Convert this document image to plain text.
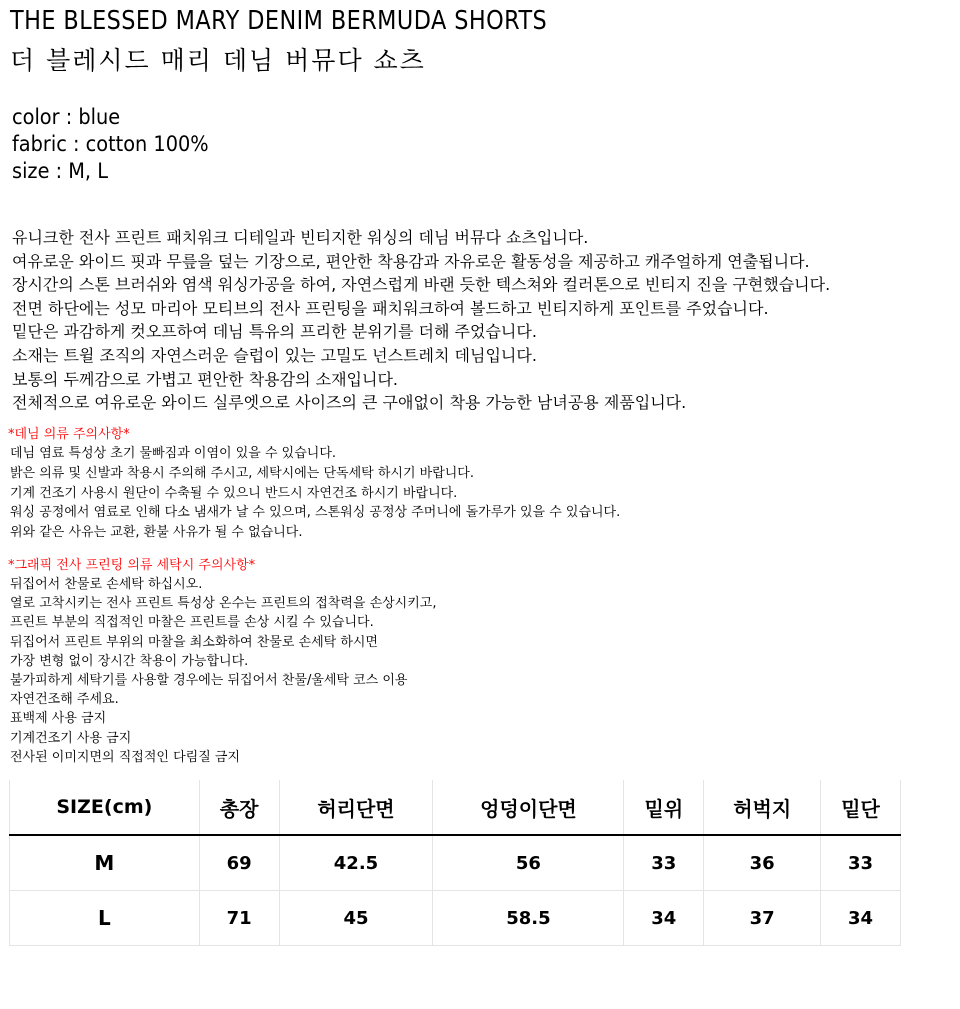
THE BLESSED MARY DENIM BERMUDA SHORTS
더 블레시드 매리 데님 버뮤다 쇼츠
color : blue
fabric : cotton 100%
size : M, L
유니크한 전사 프린트 패치워크 디테일과 빈티지한 워싱의 데님 버뮤다 쇼츠입니다.
여유로운 와이드 핏과 무릎을 덮는 기장으로, 편안한 착용감과 자유로운 활동성을 제공하고 캐주얼하게 연출됩니다.
장시간의 스톤 브러쉬와 염색 워싱가공을 하여, 자연스럽게 바랜 듯한 텍스쳐와 컬러톤으로 빈티지 진을 구현했습니다.
전면 하단에는 성모 마리아 모티브의 전사 프린팅을 패치워크하여 볼드하고 빈티지하게 포인트를 주었습니다.
밑단은 과감하게 컷오프하여 데님 특유의 프리한 분위기를 더해 주었습니다.
소재는 트윌 조직의 자연스러운 슬럽이 있는 고밀도 넌스트레치 데님입니다.
보통의 두께감으로 가볍고 편안한 착용감의 소재입니다.
전체적으로 여유로운 와이드 실루엣으로 사이즈의 큰 구애없이 착용 가능한 남녀공용 제품입니다.
*데님 의류 주의사항*
데님 염료 특성상 초기 물빠짐과 이염이 있을 수 있습니다.
밝은 의류 및 신발과 착용시 주의해 주시고, 세탁시에는 단독세탁 하시기 바랍니다.
기계 건조기 사용시 원단이 수축될 수 있으니 반드시 자연건조 하시기 바랍니다.
워싱 공정에서 염료로 인해 다소 냄새가 날 수 있으며, 스톤워싱 공정상 주머니에 돌가루가 있을 수 있습니다.
위와 같은 사유는 교환, 환불 사유가 될 수 없습니다.
*그래픽 전사 프린팅 의류 세탁시 주의사항*
뒤집어서 찬물로 손세탁 하십시오.
열로 고착시키는 전사 프린트 특성상 온수는 프린트의 접착력을 손상시키고,
프린트 부분의 직접적인 마찰은 프린트를 손상 시킬 수 있습니다.
뒤집어서 프린트 부위의 마찰을 최소화하여 찬물로 손세탁 하시면
가장 변형 없이 장시간 착용이 가능합니다.
불가피하게 세탁기를 사용할 경우에는 뒤집어서 찬물/울세탁 코스 이용
자연건조해 주세요.
표백제 사용 금지
기계건조기 사용 금지
전사된 이미지면의 직접적인 다림질 금지
SIZE(cm)	총장	허리단면	엉덩이단면	밑위	허벅지	밑단
M	69	42.5	56	33	36	33
L	71	45	58.5	34	37	34
